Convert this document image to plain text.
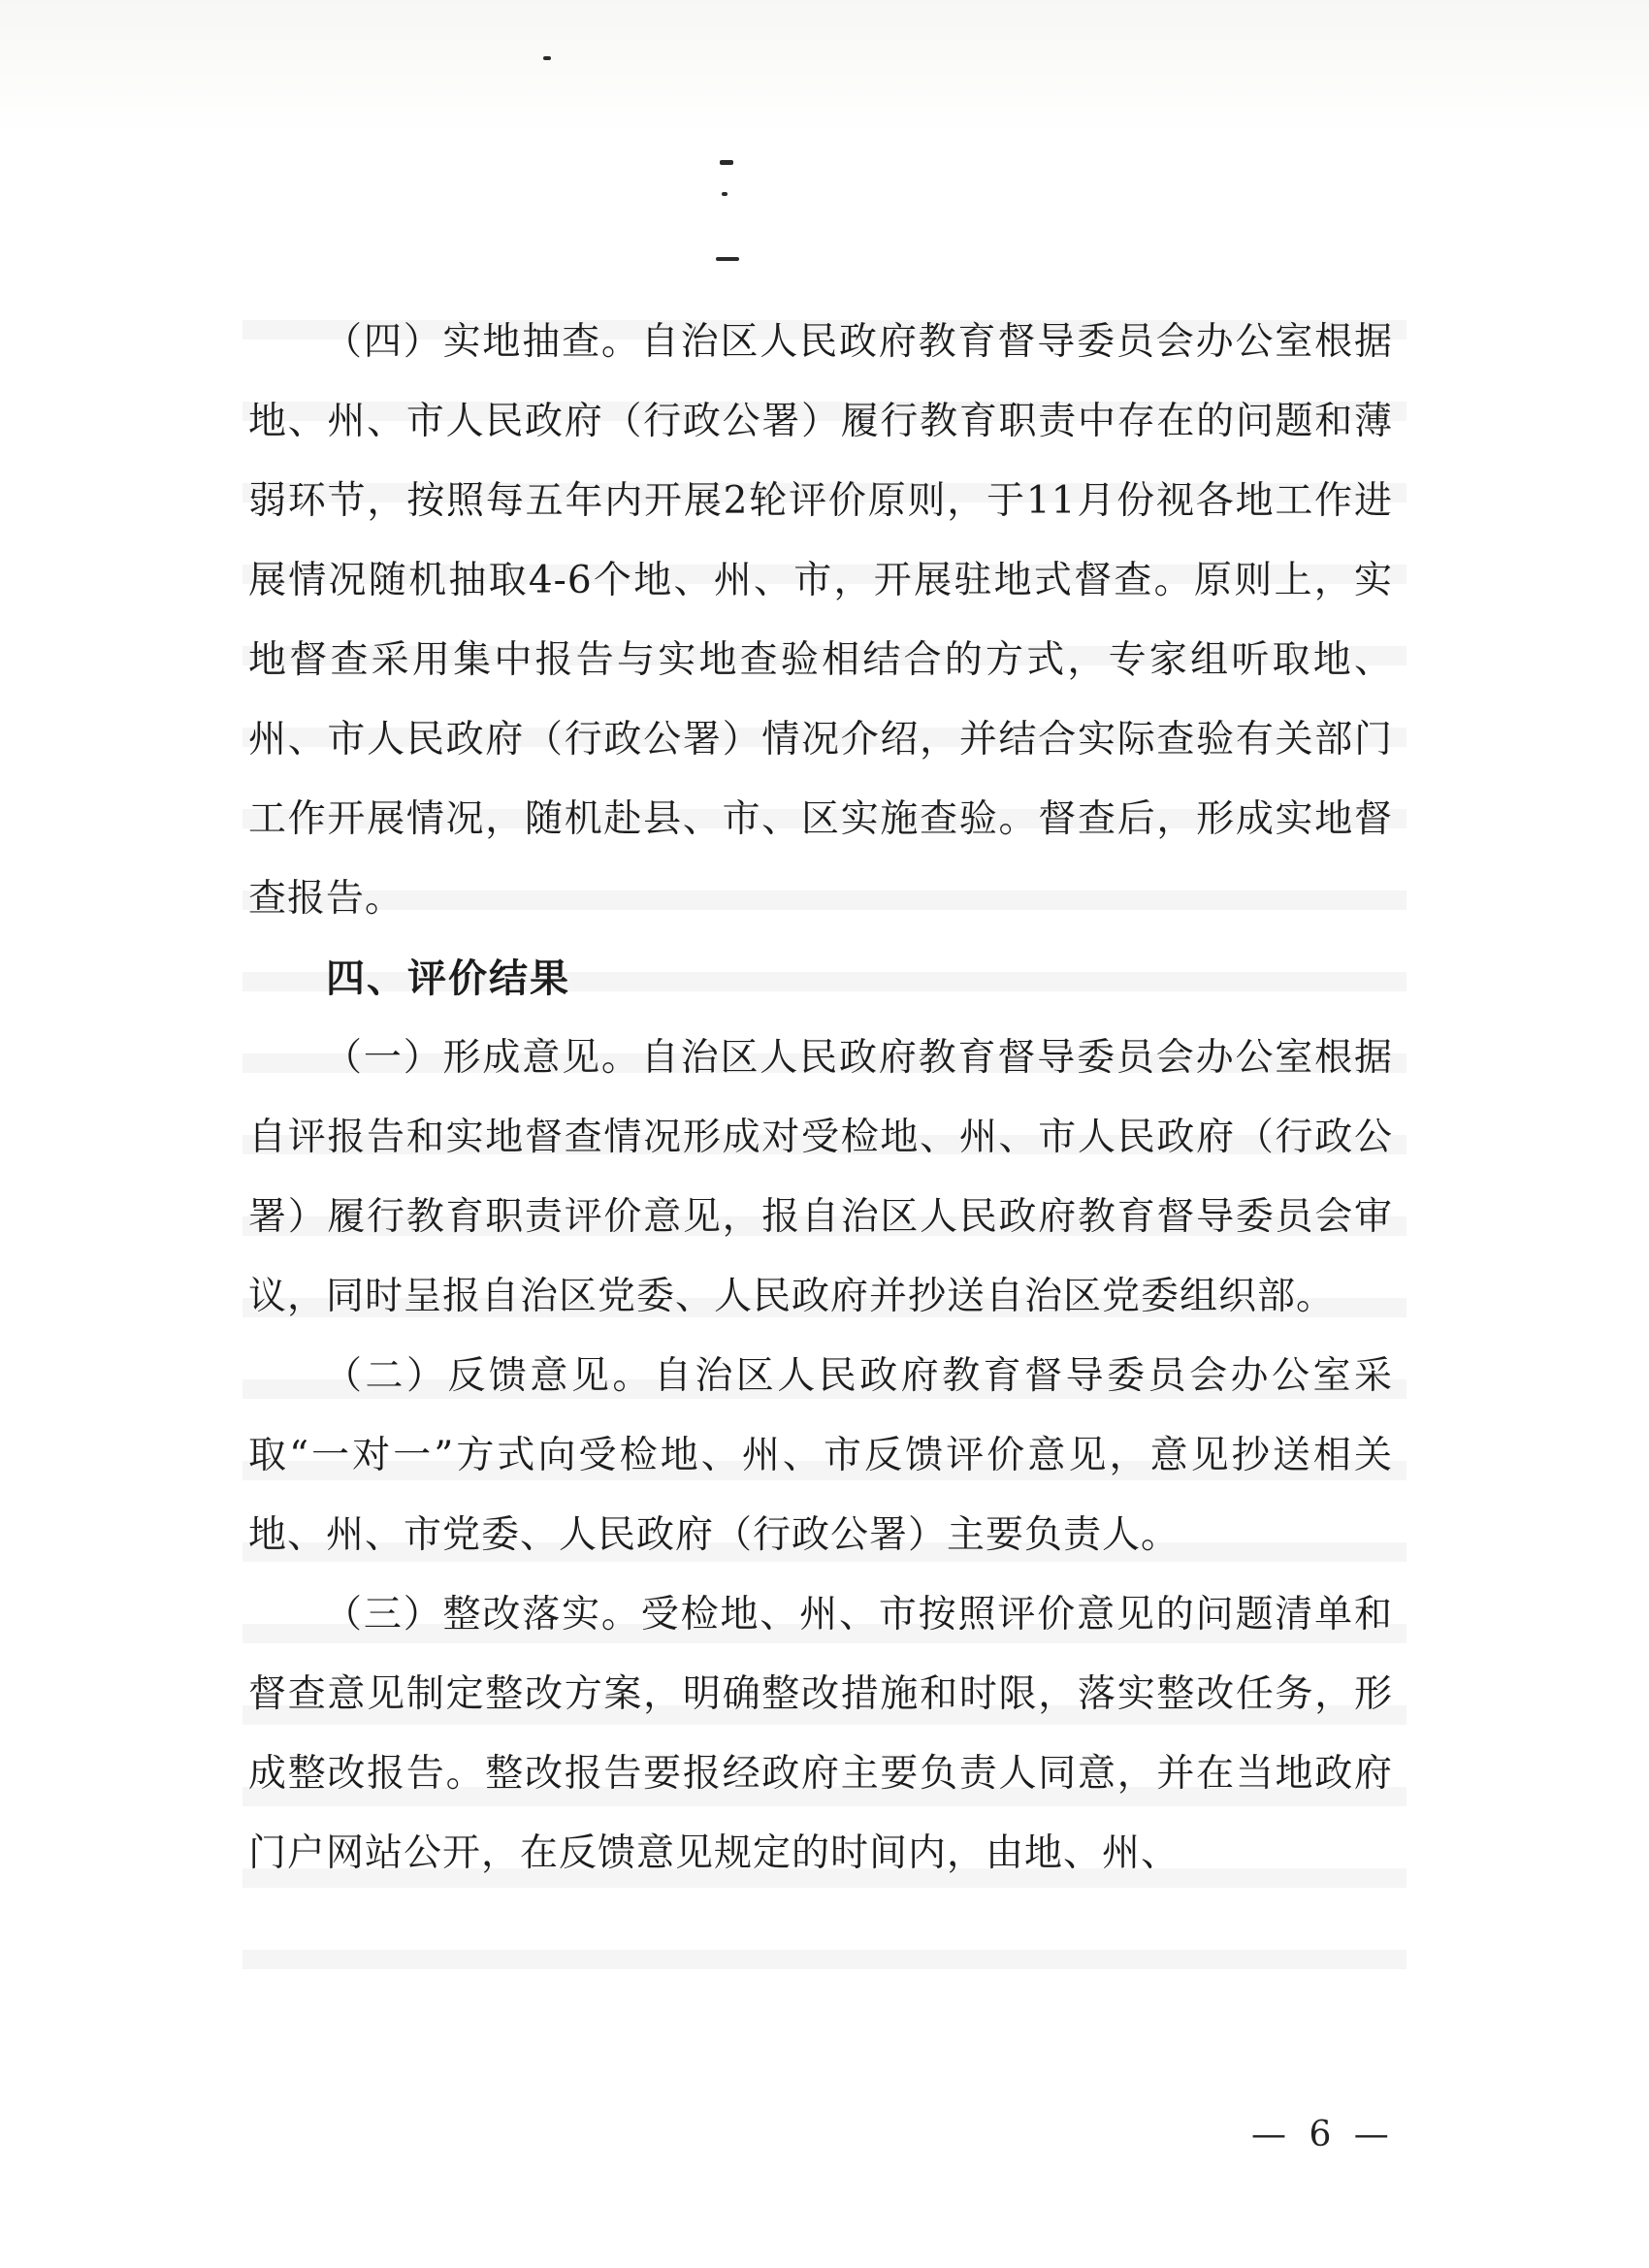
（四）实地抽查。自治区人民政府教育督导委员会办公室根据地、州、市人民政府（行政公署）履行教育职责中存在的问题和薄弱环节，按照每五年内开展2轮评价原则，于11月份视各地工作进展情况随机抽取4-6个地、州、市，开展驻地式督查。原则上，实地督查采用集中报告与实地查验相结合的方式，专家组听取地、州、市人民政府（行政公署）情况介绍，并结合实际查验有关部门工作开展情况，随机赴县、市、区实施查验。督查后，形成实地督查报告。

四、评价结果

（一）形成意见。自治区人民政府教育督导委员会办公室根据自评报告和实地督查情况形成对受检地、州、市人民政府（行政公署）履行教育职责评价意见，报自治区人民政府教育督导委员会审议，同时呈报自治区党委、人民政府并抄送自治区党委组织部。

（二）反馈意见。自治区人民政府教育督导委员会办公室采取“一对一”方式向受检地、州、市反馈评价意见，意见抄送相关地、州、市党委、人民政府（行政公署）主要负责人。

（三）整改落实。受检地、州、市按照评价意见的问题清单和督查意见制定整改方案，明确整改措施和时限，落实整改任务，形成整改报告。整改报告要报经政府主要负责人同意，并在当地政府门户网站公开，在反馈意见规定的时间内，由地、州、

— 6 —
